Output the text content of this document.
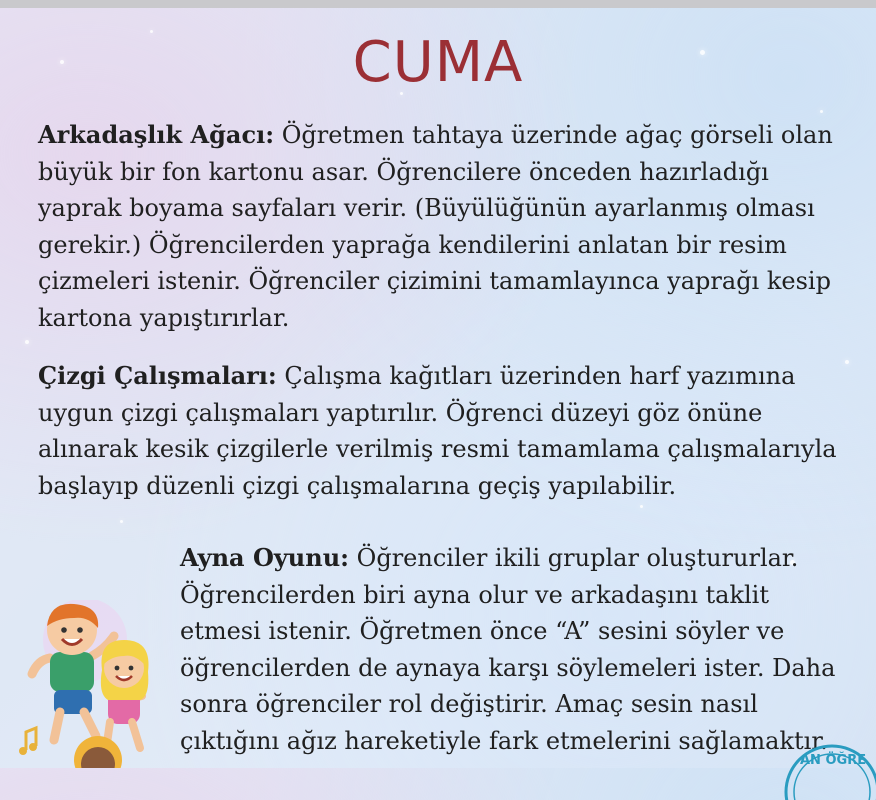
CUMA

Arkadaşlık Ağacı: Öğretmen tahtaya üzerinde ağaç görseli olan
büyük bir fon kartonu asar. Öğrencilere önceden hazırladığı
yaprak boyama sayfaları verir. (Büyülüğünün ayarlanmış olması
gerekir.) Öğrencilerden yaprağa kendilerini anlatan bir resim
çizmeleri istenir. Öğrenciler çizimini tamamlayınca yaprağı kesip
kartona yapıştırırlar.

Çizgi Çalışmaları: Çalışma kağıtları üzerinden harf yazımına
uygun çizgi çalışmaları yaptırılır. Öğrenci düzeyi göz önüne
alınarak kesik çizgilerle verilmiş resmi tamamlama çalışmalarıyla
başlayıp düzenli çizgi çalışmalarına geçiş yapılabilir.

Ayna Oyunu: Öğrenciler ikili gruplar oluştururlar.
Öğrencilerden biri ayna olur ve arkadaşını taklit
etmesi istenir. Öğretmen önce “A” sesini söyler ve
öğrencilerden de aynaya karşı söylemeleri ister. Daha
sonra öğrenciler rol değiştirir. Amaç sesin nasıl
çıktığını ağız hareketiyle fark etmelerini sağlamaktır.

AN ÖĞRE
